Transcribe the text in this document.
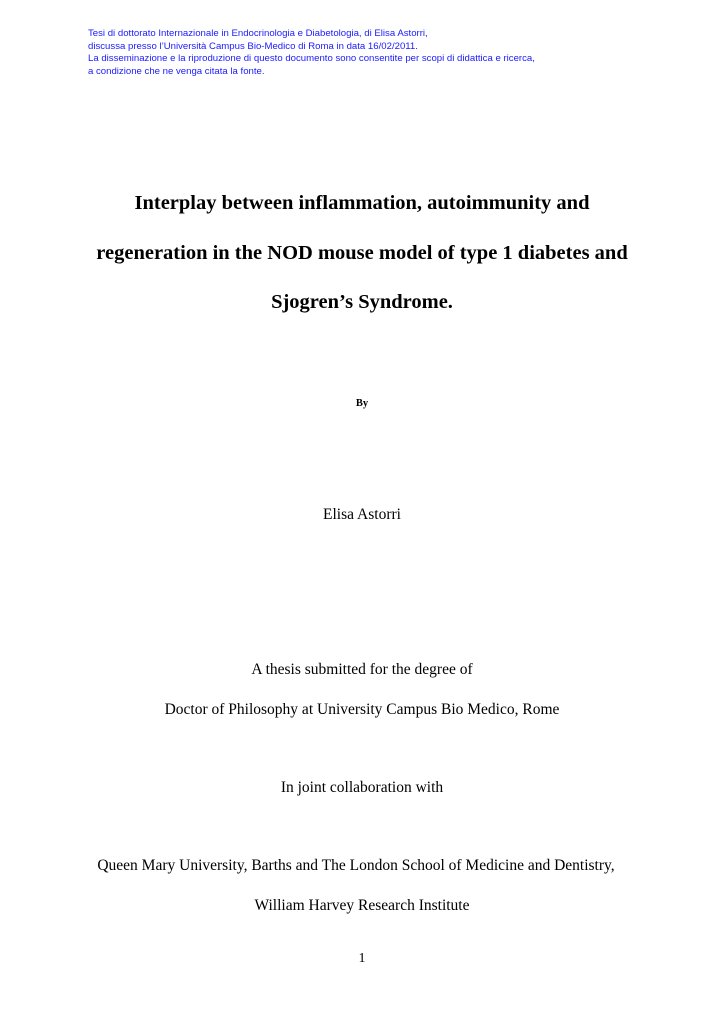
Tesi di dottorato Internazionale in Endocrinologia e Diabetologia, di Elisa Astorri,
discussa presso l’Università Campus Bio-Medico di Roma in data 16/02/2011.
La disseminazione e la riproduzione di questo documento sono consentite per scopi di didattica e ricerca,
a condizione che ne venga citata la fonte.
Interplay between inflammation, autoimmunity and
regeneration in the NOD mouse model of type 1 diabetes and
Sjogren’s Syndrome.
By
Elisa Astorri
A thesis submitted for the degree of
Doctor of Philosophy at University Campus Bio Medico, Rome
In joint collaboration with
Queen Mary University, Barths and The London School of Medicine and Dentistry,
William Harvey Research Institute
1
